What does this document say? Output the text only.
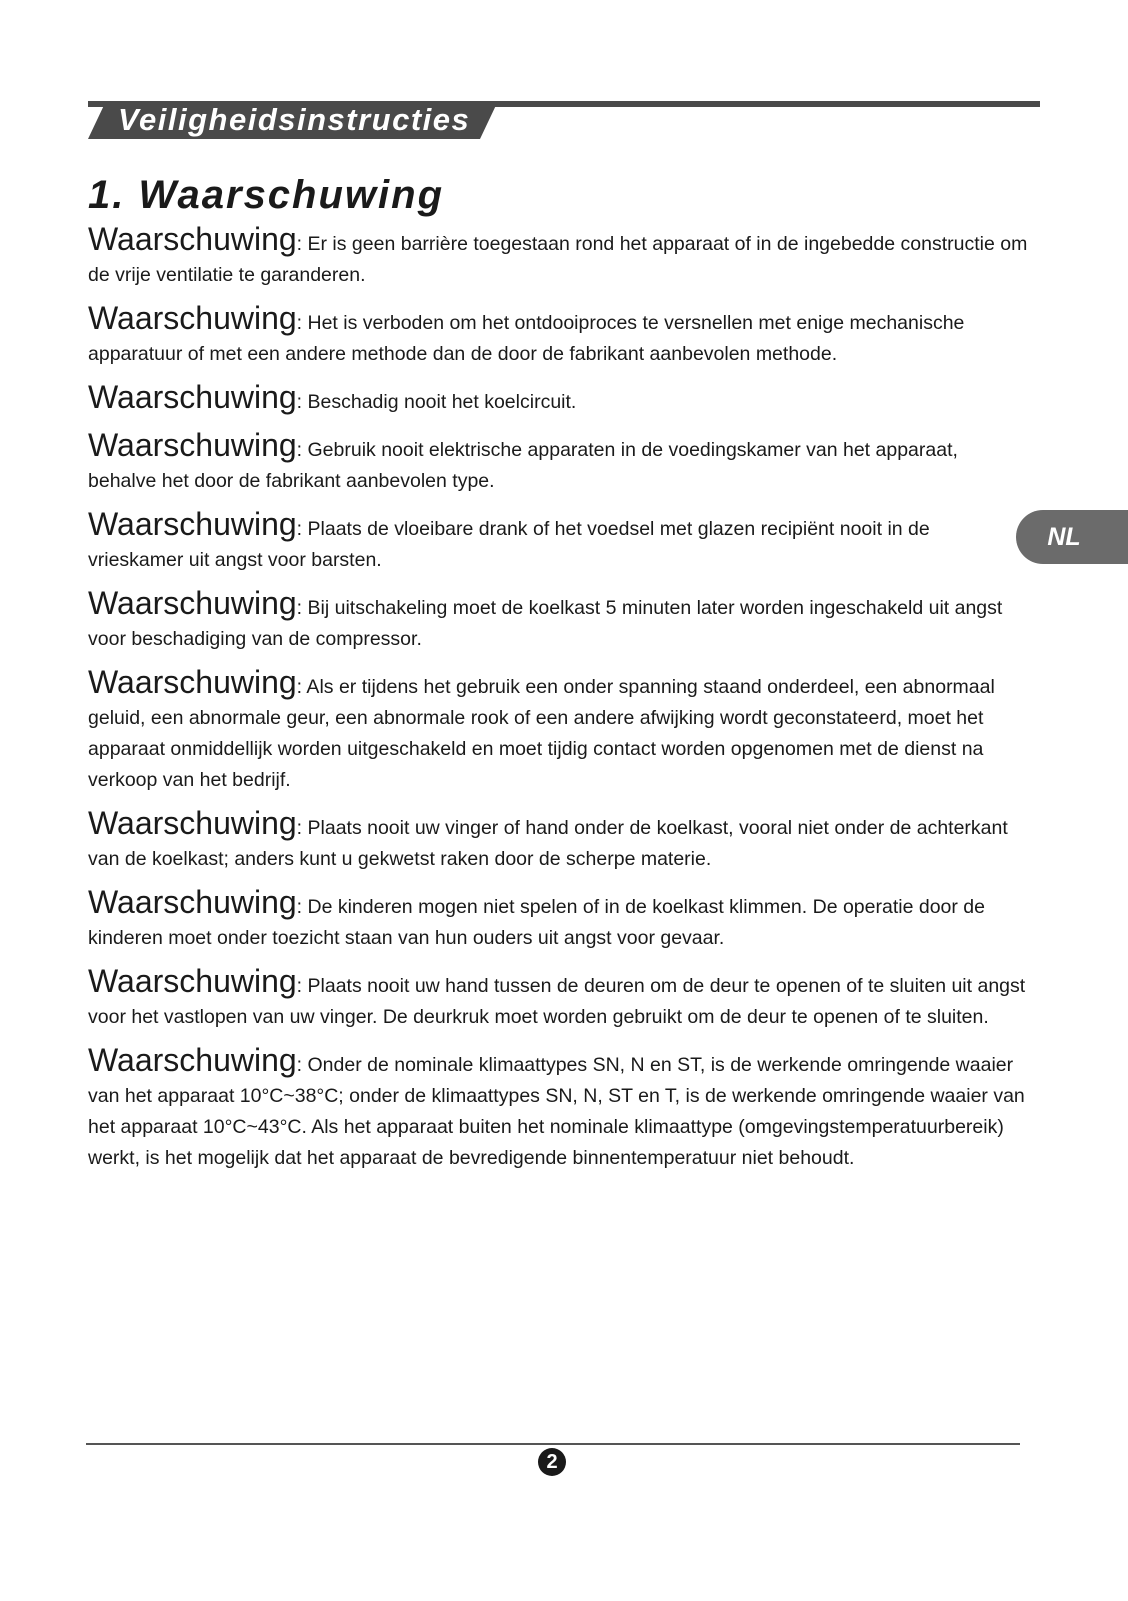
Veiligheidsinstructies
1. Waarschuwing

Waarschuwing: Er is geen barrière toegestaan rond het apparaat of in de ingebedde constructie om de vrije ventilatie te garanderen.

Waarschuwing: Het is verboden om het ontdooiproces te versnellen met enige mechanische apparatuur of met een andere methode dan de door de fabrikant aanbevolen methode.

Waarschuwing: Beschadig nooit het koelcircuit.

Waarschuwing: Gebruik nooit elektrische apparaten in de voedingskamer van het apparaat, behalve het door de fabrikant aanbevolen type.

Waarschuwing: Plaats de vloeibare drank of het voedsel met glazen recipiënt nooit in de vrieskamer uit angst voor barsten.

Waarschuwing: Bij uitschakeling moet de koelkast 5 minuten later worden ingeschakeld uit angst voor beschadiging van de compressor.

Waarschuwing: Als er tijdens het gebruik een onder spanning staand onderdeel, een abnormaal geluid, een abnormale geur, een abnormale rook of een andere afwijking wordt geconstateerd, moet het apparaat onmiddellijk worden uitgeschakeld en moet tijdig contact worden opgenomen met de dienst na verkoop van het bedrijf.

Waarschuwing: Plaats nooit uw vinger of hand onder de koelkast, vooral niet onder de achterkant van de koelkast; anders kunt u gekwetst raken door de scherpe materie.

Waarschuwing: De kinderen mogen niet spelen of in de koelkast klimmen. De operatie door de kinderen moet onder toezicht staan van hun ouders uit angst voor gevaar.

Waarschuwing: Plaats nooit uw hand tussen de deuren om de deur te openen of te sluiten uit angst voor het vastlopen van uw vinger. De deurkruk moet worden gebruikt om de deur te openen of te sluiten.

Waarschuwing: Onder de nominale klimaattypes SN, N en ST, is de werkende omringende waaier van het apparaat 10°C~38°C; onder de klimaattypes SN, N, ST en T, is de werkende omringende waaier van het apparaat 10°C~43°C. Als het apparaat buiten het nominale klimaattype (omgevingstemperatuurbereik) werkt, is het mogelijk dat het apparaat de bevredigende binnentemperatuur niet behoudt.

NL
2
